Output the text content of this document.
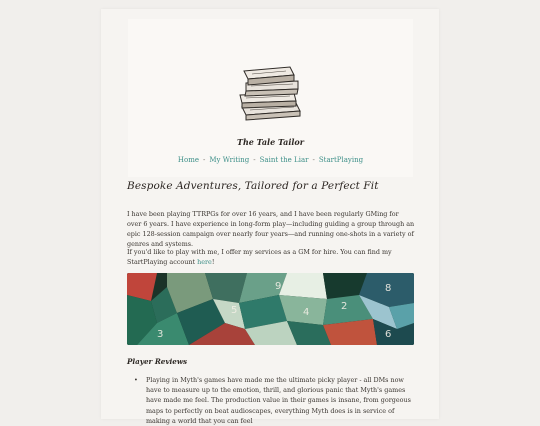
The Tale Tailor
Home - My Writing - Saint the Liar - StartPlaying
Bespoke Adventures, Tailored for a Perfect Fit

I have been playing TTRPGs for over 16 years, and I have been regularly GMing for over 6 years. I have experience in long-form play—including guiding a group through an epic 128-session campaign over nearly four years—and running one-shots in a variety of genres and systems.

If you'd like to play with me, I offer my services as a GM for hire. You can find my StartPlaying account here!

3
5
9
4
8
6
2
Player Reviews
• Playing in Myth's games have made me the ultimate picky player - all DMs now have to measure up to the emotion, thrill, and glorious panic that Myth's games have made me feel. The production value in their games is insane, from gorgeous maps to perfectly on beat audioscapes, everything Myth does is in service of making a world that you can feel
